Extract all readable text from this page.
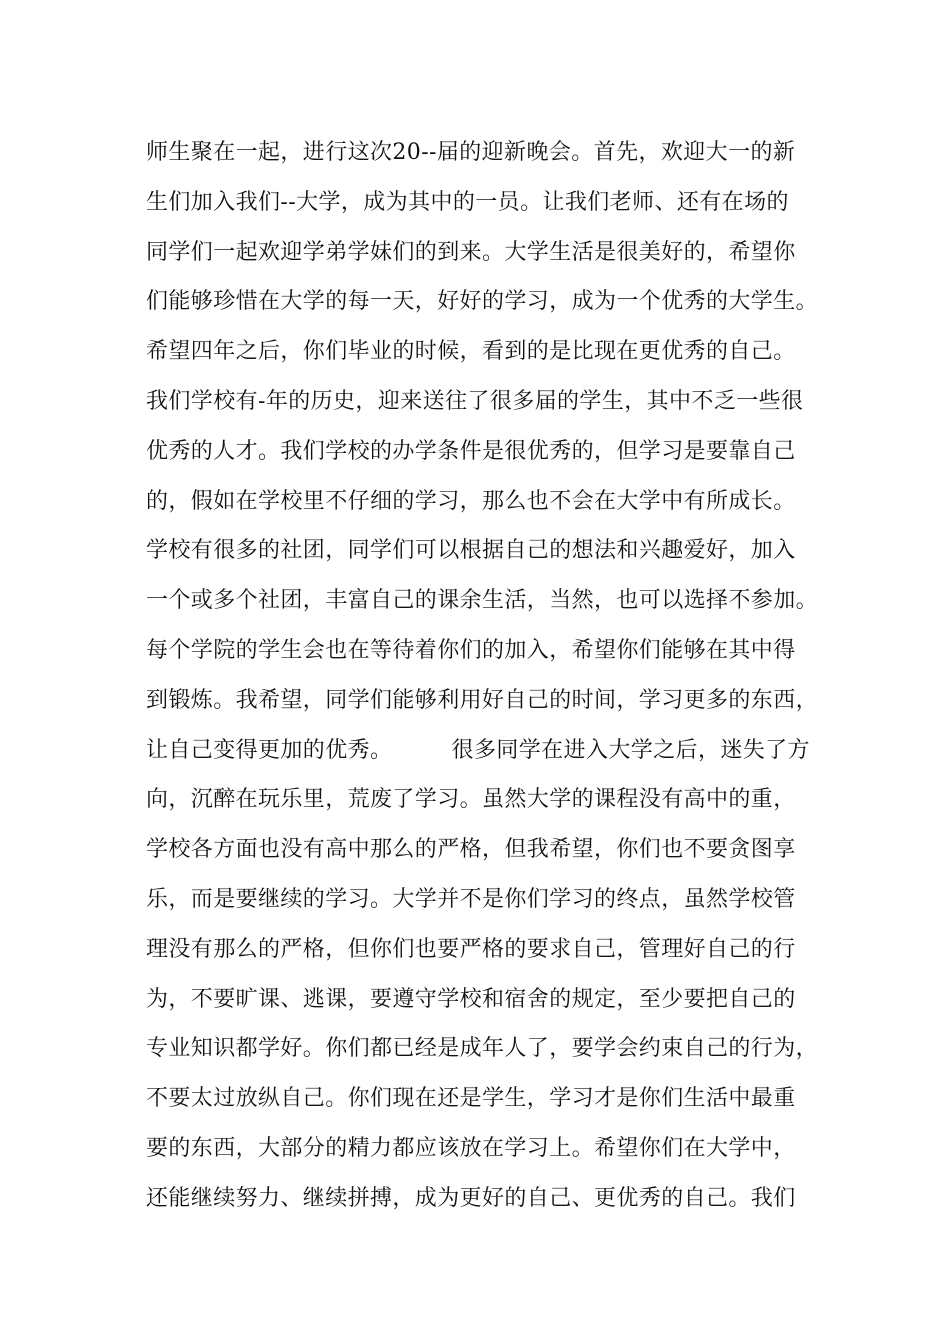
师生聚在一起，进行这次20--届的迎新晚会。首先，欢迎大一的新
生们加入我们--大学，成为其中的一员。让我们老师、还有在场的
同学们一起欢迎学弟学妹们的到来。大学生活是很美好的，希望你
们能够珍惜在大学的每一天，好好的学习，成为一个优秀的大学生。
希望四年之后，你们毕业的时候，看到的是比现在更优秀的自己。
我们学校有-年的历史，迎来送往了很多届的学生，其中不乏一些很
优秀的人才。我们学校的办学条件是很优秀的，但学习是要靠自己
的，假如在学校里不仔细的学习，那么也不会在大学中有所成长。
学校有很多的社团，同学们可以根据自己的想法和兴趣爱好，加入
一个或多个社团，丰富自己的课余生活，当然，也可以选择不参加。
每个学院的学生会也在等待着你们的加入，希望你们能够在其中得
到锻炼。我希望，同学们能够利用好自己的时间，学习更多的东西，
让自己变得更加的优秀。        很多同学在进入大学之后，迷失了方
向，沉醉在玩乐里，荒废了学习。虽然大学的课程没有高中的重，
学校各方面也没有高中那么的严格，但我希望，你们也不要贪图享
乐，而是要继续的学习。大学并不是你们学习的终点，虽然学校管
理没有那么的严格，但你们也要严格的要求自己，管理好自己的行
为，不要旷课、逃课，要遵守学校和宿舍的规定，至少要把自己的
专业知识都学好。你们都已经是成年人了，要学会约束自己的行为，
不要太过放纵自己。你们现在还是学生，学习才是你们生活中最重
要的东西，大部分的精力都应该放在学习上。希望你们在大学中，
还能继续努力、继续拼搏，成为更好的自己、更优秀的自己。我们
